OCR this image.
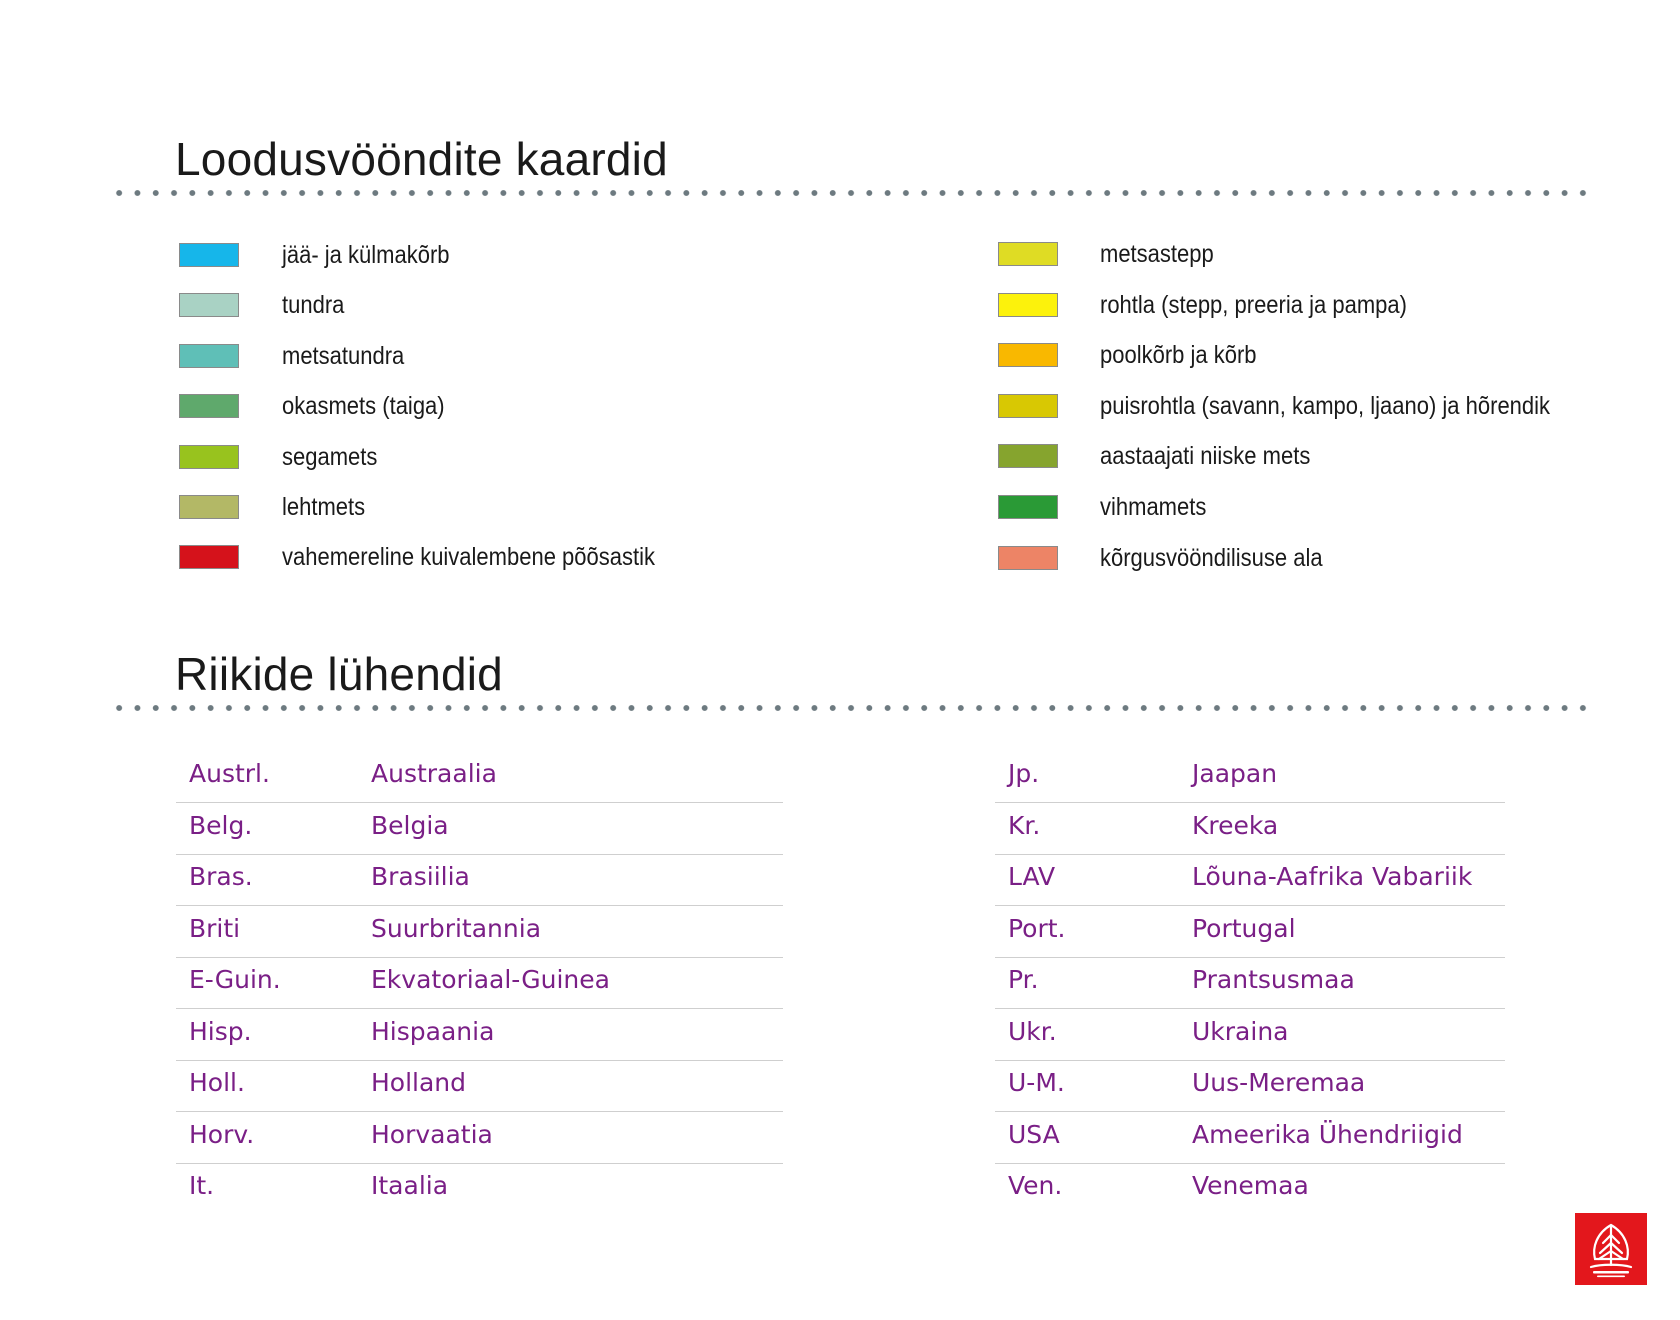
Loodusvööndite kaardid
jää- ja külmakõrb
tundra
metsatundra
okasmets (taiga)
segamets
lehtmets
vahemereline kuivalembene põõsastik
metsastepp
rohtla (stepp, preeria ja pampa)
poolkõrb ja kõrb
puisrohtla (savann, kampo, ljaano) ja hõrendik
aastaajati niiske mets
vihmamets
kõrgusvööndilisuse ala
Riikide lühendid
Austrl.	Austraalia
Belg.	Belgia
Bras.	Brasiilia
Briti	Suurbritannia
E-Guin.	Ekvatoriaal-Guinea
Hisp.	Hispaania
Holl.	Holland
Horv.	Horvaatia
It.	Itaalia
Jp.	Jaapan
Kr.	Kreeka
LAV	Lõuna-Aafrika Vabariik
Port.	Portugal
Pr.	Prantsusmaa
Ukr.	Ukraina
U-M.	Uus-Meremaa
USA	Ameerika Ühendriigid
Ven.	Venemaa
